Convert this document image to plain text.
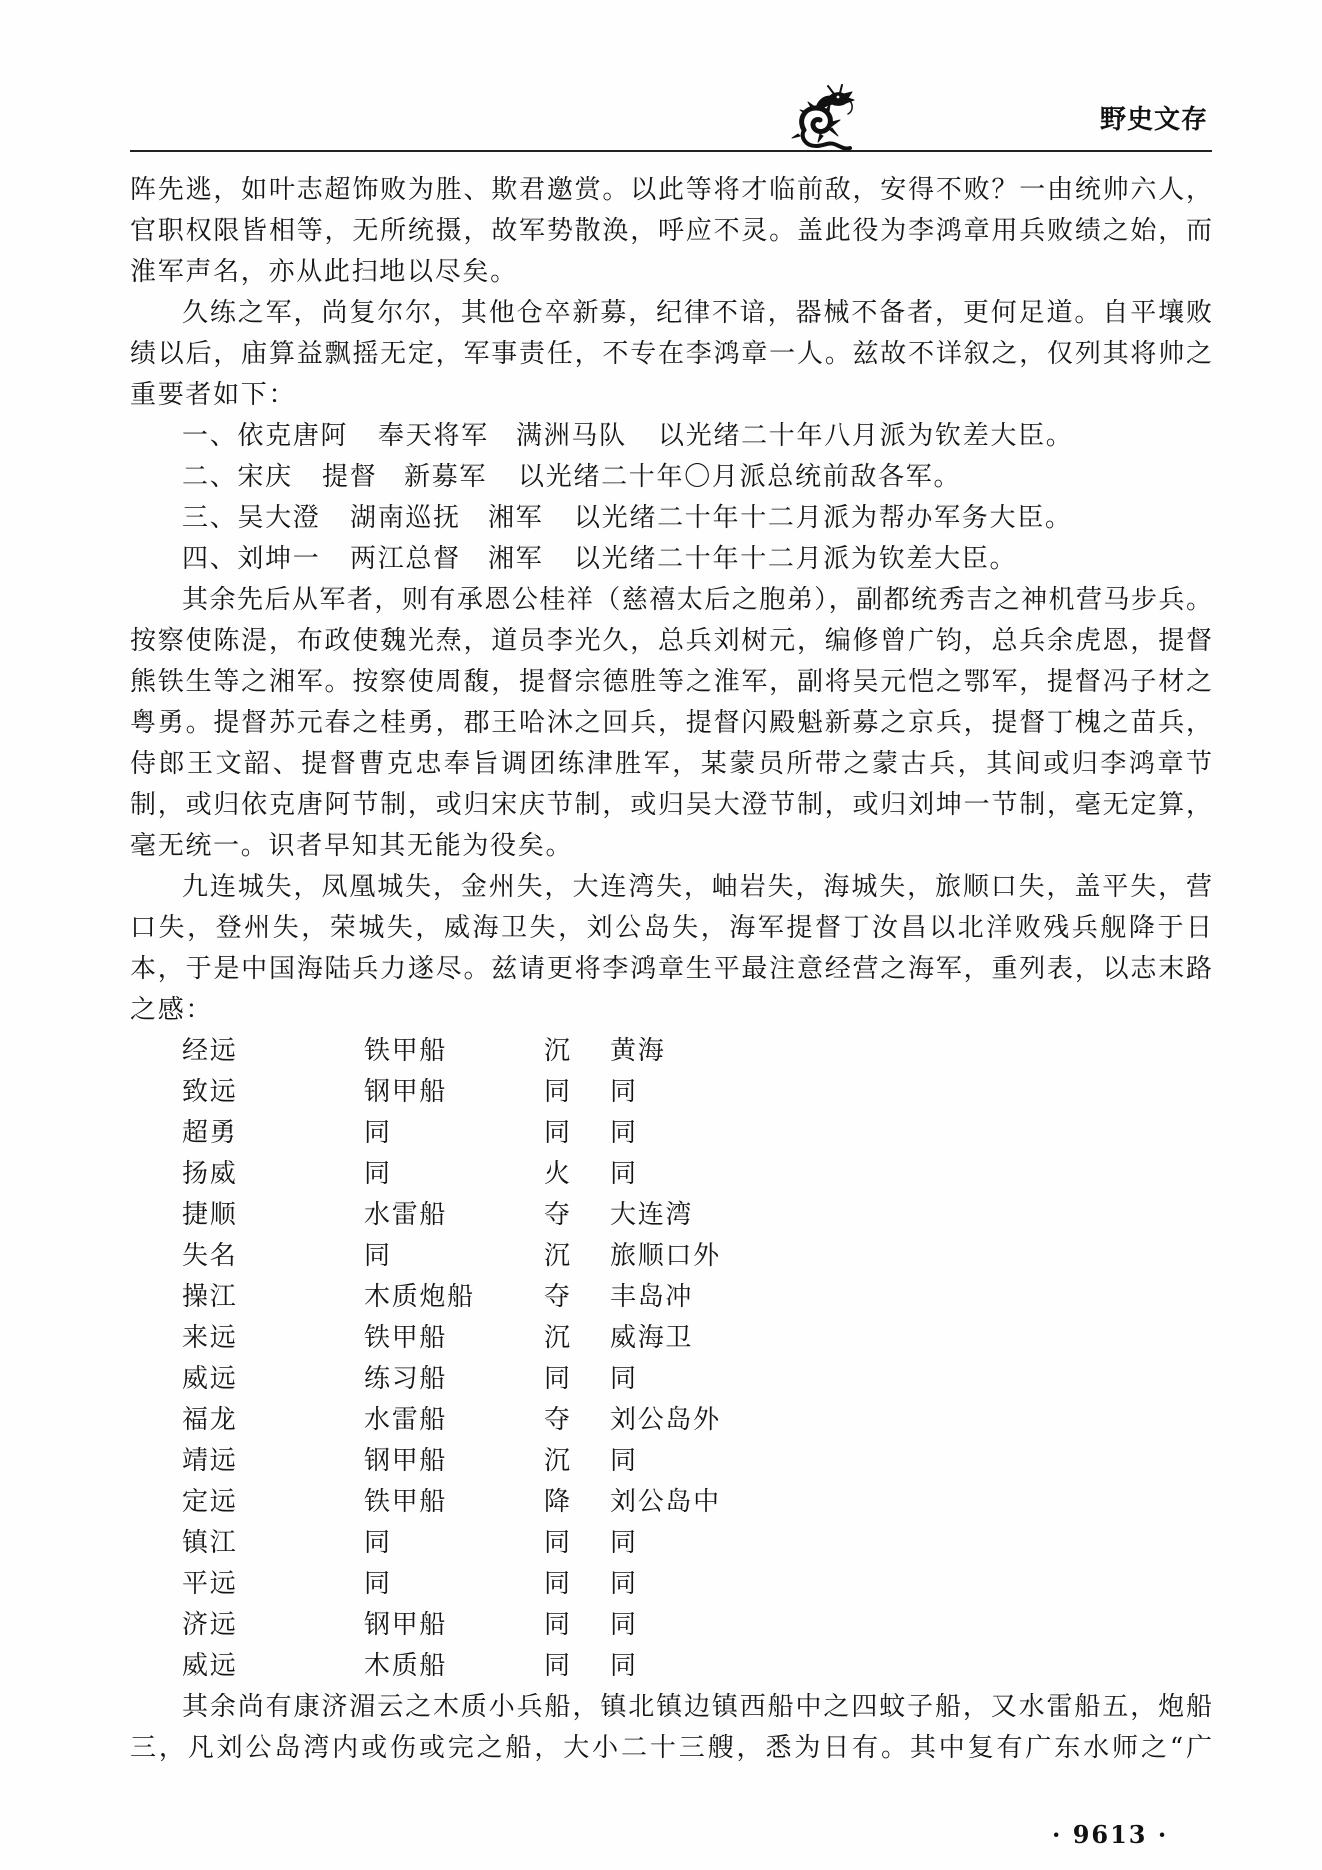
野史文存
阵先逃，如叶志超饰败为胜、欺君邀赏。以此等将才临前敌，安得不败？一由统帅六人，
官职权限皆相等，无所统摄，故军势散涣，呼应不灵。盖此役为李鸿章用兵败绩之始，而
淮军声名，亦从此扫地以尽矣。
久练之军，尚复尔尔，其他仓卒新募，纪律不谙，器械不备者，更何足道。自平壤败
绩以后，庙算益飘摇无定，军事责任，不专在李鸿章一人。兹故不详叙之，仅列其将帅之
重要者如下：
一、依克唐阿 奉天将军 满洲马队 以光绪二十年八月派为钦差大臣。
二、宋庆 提督 新募军 以光绪二十年〇月派总统前敌各军。
三、吴大澄 湖南巡抚 湘军 以光绪二十年十二月派为帮办军务大臣。
四、刘坤一 两江总督 湘军 以光绪二十年十二月派为钦差大臣。
其余先后从军者，则有承恩公桂祥（慈禧太后之胞弟），副都统秀吉之神机营马步兵。
按察使陈湜，布政使魏光焘，道员李光久，总兵刘树元，编修曾广钧，总兵余虎恩，提督
熊铁生等之湘军。按察使周馥，提督宗德胜等之淮军，副将吴元恺之鄂军，提督冯子材之
粤勇。提督苏元春之桂勇，郡王哈沐之回兵，提督闪殿魁新募之京兵，提督丁槐之苗兵，
侍郎王文韶、提督曹克忠奉旨调团练津胜军，某蒙员所带之蒙古兵，其间或归李鸿章节
制，或归依克唐阿节制，或归宋庆节制，或归吴大澄节制，或归刘坤一节制，毫无定算，
毫无统一。识者早知其无能为役矣。
九连城失，凤凰城失，金州失，大连湾失，岫岩失，海城失，旅顺口失，盖平失，营
口失，登州失，荣城失，威海卫失，刘公岛失，海军提督丁汝昌以北洋败残兵舰降于日
本，于是中国海陆兵力遂尽。兹请更将李鸿章生平最注意经营之海军，重列表，以志末路
之感：
经远	铁甲船	沉	黄海
致远	钢甲船	同	同
超勇	同	同	同
扬威	同	火	同
捷顺	水雷船	夺	大连湾
失名	同	沉	旅顺口外
操江	木质炮船	夺	丰岛冲
来远	铁甲船	沉	威海卫
威远	练习船	同	同
福龙	水雷船	夺	刘公岛外
靖远	钢甲船	沉	同
定远	铁甲船	降	刘公岛中
镇江	同	同	同
平远	同	同	同
济远	钢甲船	同	同
威远	木质船	同	同
其余尚有康济湄云之木质小兵船，镇北镇边镇西船中之四蚊子船，又水雷船五，炮船
三，凡刘公岛湾内或伤或完之船，大小二十三艘，悉为日有。其中复有广东水师之“广
· 9613 ·
